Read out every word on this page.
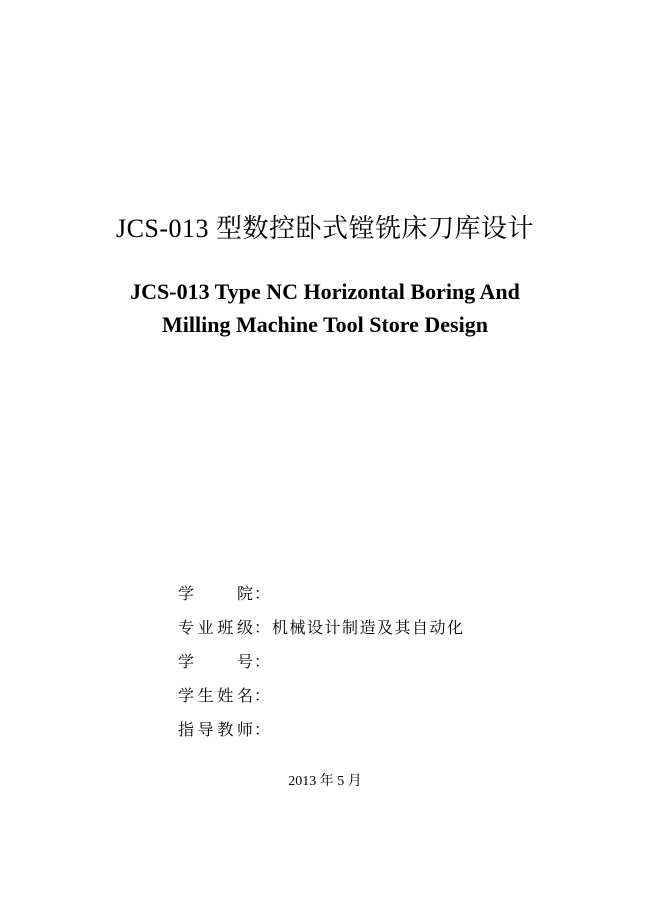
JCS-013 型数控卧式镗铣床刀库设计
JCS-013 Type NC Horizontal Boring And
Milling Machine Tool Store Design
学院 ：
专业班级 ： 机械设计制造及其自动化
学号 ：
学生姓名 ：
指导教师 ：
2013 年 5 月
